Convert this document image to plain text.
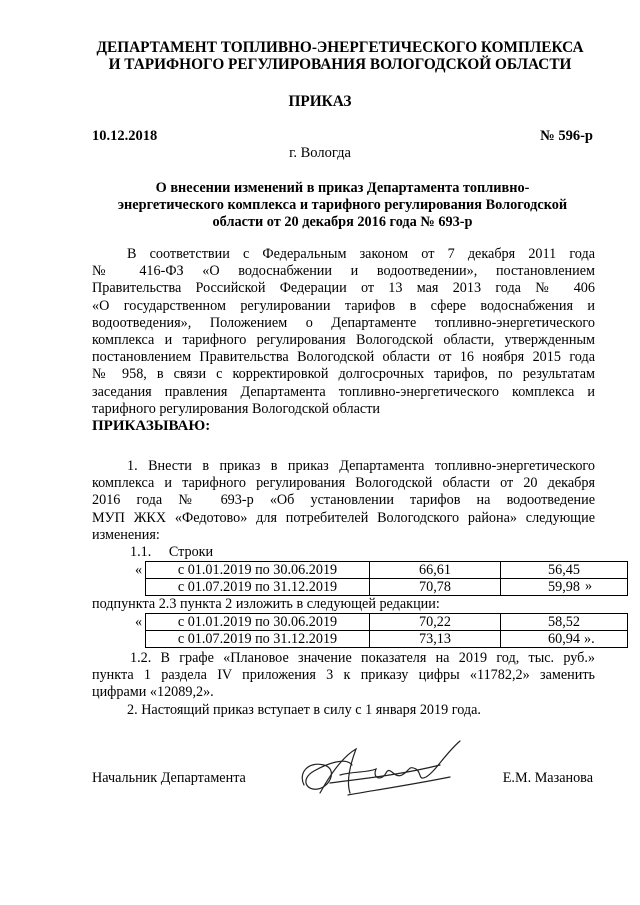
ДЕПАРТАМЕНТ ТОПЛИВНО-ЭНЕРГЕТИЧЕСКОГО КОМПЛЕКСА
И ТАРИФНОГО РЕГУЛИРОВАНИЯ ВОЛОГОДСКОЙ ОБЛАСТИ
ПРИКАЗ
10.12.2018	№ 596-р
г. Вологда
О внесении изменений в приказ Департамента топливно-
энергетического комплекса и тарифного регулирования Вологодской
области от 20 декабря 2016 года № 693-р
В соответствии с Федеральным законом от 7 декабря 2011 года
№ 416-ФЗ «О водоснабжении и водоотведении», постановлением
Правительства Российской Федерации от 13 мая 2013 года № 406
«О государственном регулировании тарифов в сфере водоснабжения и
водоотведения», Положением о Департаменте топливно-энергетического
комплекса и тарифного регулирования Вологодской области, утвержденным
постановлением Правительства Вологодской области от 16 ноября 2015 года
№ 958, в связи с корректировкой долгосрочных тарифов, по результатам
заседания правления Департамента топливно-энергетического комплекса и
тарифного регулирования Вологодской области
ПРИКАЗЫВАЮ:
1. Внести в приказ в приказ Департамента топливно-энергетического
комплекса и тарифного регулирования Вологодской области от 20 декабря
2016 года № 693-р «Об установлении тарифов на водоотведение
МУП ЖКХ «Федотово» для потребителей Вологодского района» следующие
изменения:
1.1. Строки
«	с 01.01.2019 по 30.06.2019	66,61	56,45
с 01.07.2019 по 31.12.2019	70,78	59,98 »
подпункта 2.3 пункта 2 изложить в следующей редакции:
«	с 01.01.2019 по 30.06.2019	70,22	58,52
с 01.07.2019 по 31.12.2019	73,13	60,94 ».
1.2. В графе «Плановое значение показателя на 2019 год, тыс. руб.»
пункта 1 раздела IV приложения 3 к приказу цифры «11782,2» заменить
цифрами «12089,2».
2. Настоящий приказ вступает в силу с 1 января 2019 года.
Начальник Департамента	Е.М. Мазанова
